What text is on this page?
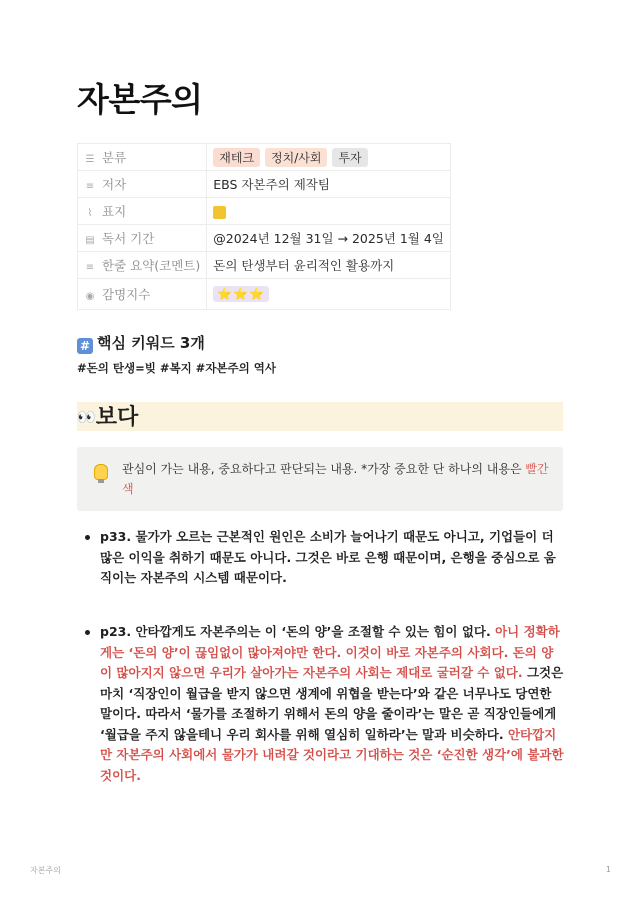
자본주의
☰ 분류	재테크 정치/사회 투자
≡ 저자	EBS 자본주의 제작팀
⌇ 표지	
▤ 독서 기간	@2024년 12월 31일 → 2025년 1월 4일
≡ 한줄 요약(코멘트)	돈의 탄생부터 윤리적인 활용까지
◉ 감명지수	⭐⭐⭐
# 핵심 키워드 3개
#돈의 탄생=빚 #복지 #자본주의 역사
👀보다
관심이 가는 내용, 중요하다고 판단되는 내용. *가장 중요한 단 하나의 내용은 빨간색
p33. 물가가 오르는 근본적인 원인은 소비가 늘어나기 때문도 아니고, 기업들이 더 많은 이익을 취하기 때문도 아니다. 그것은 바로 은행 때문이며, 은행을 중심으로 움직이는 자본주의 시스템 때문이다.
p23. 안타깝게도 자본주의는 이 ‘돈의 양’을 조절할 수 있는 힘이 없다. 아니 정확하게는 ‘돈의 양’이 끊임없이 많아져야만 한다. 이것이 바로 자본주의 사회다. 돈의 양이 많아지지 않으면 우리가 살아가는 자본주의 사회는 제대로 굴러갈 수 없다. 그것은 마치 ‘직장인이 월급을 받지 않으면 생계에 위협을 받는다’와 같은 너무나도 당연한 말이다. 따라서 ‘물가를 조절하기 위해서 돈의 양을 줄이라’는 말은 곧 직장인들에게 ‘월급을 주지 않을테니 우리 회사를 위해 열심히 일하라’는 말과 비슷하다. 안타깝지만 자본주의 사회에서 물가가 내려갈 것이라고 기대하는 것은 ‘순진한 생각’에 불과한 것이다.
자본주의	1
